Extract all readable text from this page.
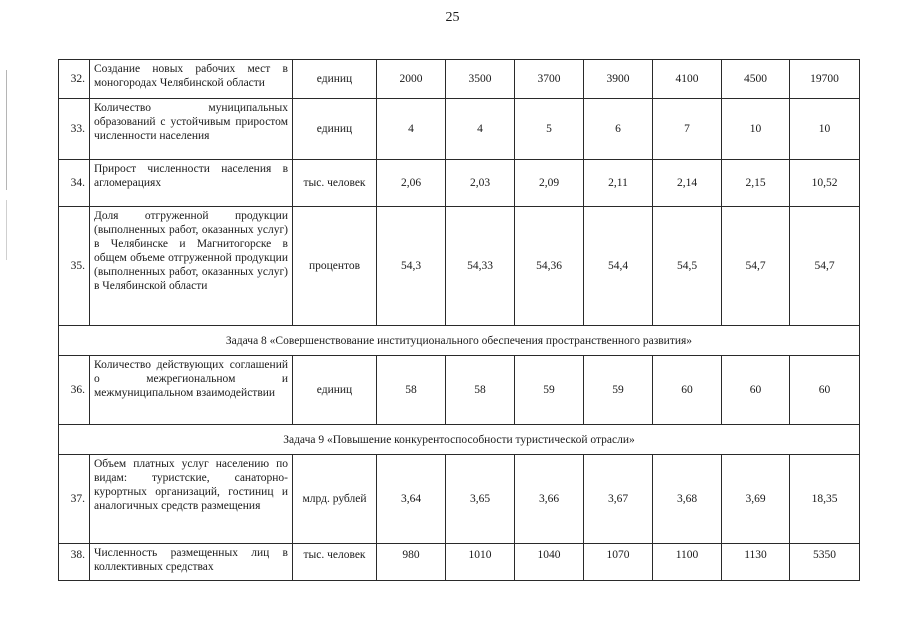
25
32.	Создание новых рабочих мест в моногородах Челябинской области	единиц	2000	3500	3700	3900	4100	4500	19700
33.	Количество муниципальных образований с устойчивым приростом численности населения	единиц	4	4	5	6	7	10	10
34.	Прирост численности населения в агломерациях	тыс. человек	2,06	2,03	2,09	2,11	2,14	2,15	10,52
35.	Доля отгруженной продукции (выполненных работ, оказанных услуг) в Челябинске и Магнитогорске в общем объеме отгруженной продукции (выполненных работ, оказанных услуг) в Челябинской области	процентов	54,3	54,33	54,36	54,4	54,5	54,7	54,7
Задача 8 «Совершенствование институционального обеспечения пространственного развития»									
36.	Количество действующих соглашений о межрегиональном и межмуниципальном взаимодействии	единиц	58	58	59	59	60	60	60
Задача 9 «Повышение конкурентоспособности туристической отрасли»									
37.	Объем платных услуг населению по видам: туристские, санаторно-курортных организаций, гостиниц и аналогичных средств размещения	млрд. рублей	3,64	3,65	3,66	3,67	3,68	3,69	18,35
38.	Численность размещенных лиц в коллективных средствах	тыс. человек	980	1010	1040	1070	1100	1130	5350
